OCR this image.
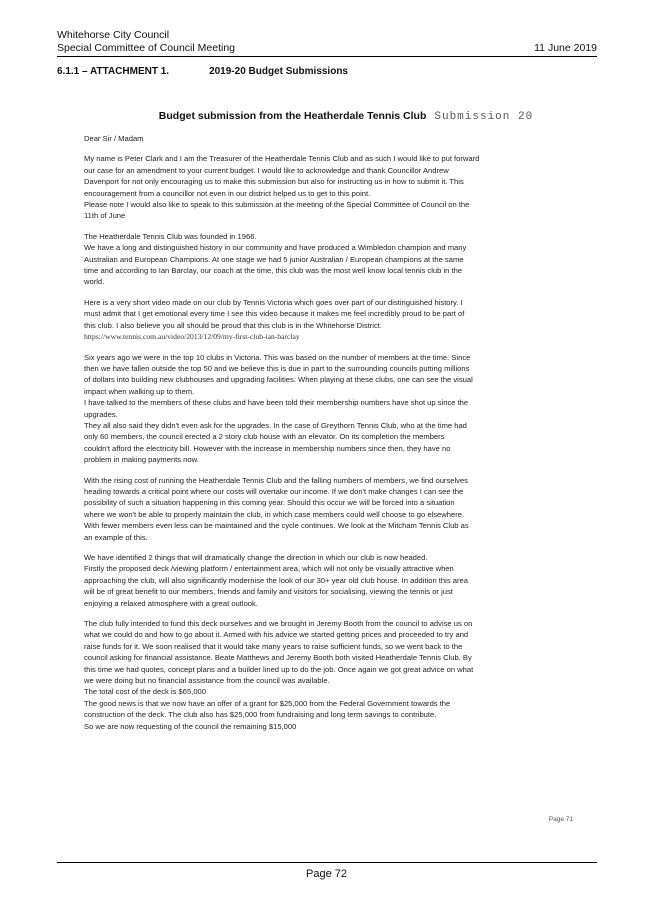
Whitehorse City Council
Special Committee of Council Meeting	11 June 2019
6.1.1 – ATTACHMENT 1.	2019-20 Budget Submissions
Budget submission from the Heatherdale Tennis Club Submission 20

Dear Sir / Madam

My name is Peter Clark and I am the Treasurer of the Heatherdale Tennis Club and as such I would like to put forward
our case for an amendment to your current budget. I would like to acknowledge and thank Councillor Andrew
Davenport for not only encouraging us to make this submission but also for instructing us in how to submit it. This
encouragement from a councillor not even in our district helped us to get to this point.
Please note I would also like to speak to this submission at the meeting of the Special Committee of Council on the
11th of June

The Heatherdale Tennis Club was founded in 1966.
We have a long and distinguished history in our community and have produced a Wimbledon champion and many
Australian and European Champions. At one stage we had 5 junior Australian / European champions at the same
time and according to Ian Barclay, our coach at the time, this club was the most well know local tennis club in the
world.

Here is a very short video made on our club by Tennis Victoria which goes over part of our distinguished history. I
must admit that I get emotional every time I see this video because it makes me feel incredibly proud to be part of
this club. I also believe you all should be proud that this club is in the Whitehorse District.
https://www.tennis.com.au/video/2013/12/09/my-first-club-ian-barclay

Six years ago we were in the top 10 clubs in Victoria. This was based on the number of members at the time. Since
then we have fallen outside the top 50 and we believe this is due in part to the surrounding councils putting millions
of dollars into building new clubhouses and upgrading facilities. When playing at these clubs, one can see the visual
impact when walking up to them.
I have talked to the members of these clubs and have been told their membership numbers have shot up since the
upgrades.
They all also said they didn't even ask for the upgrades. In the case of Greythorn Tennis Club, who at the time had
only 60 members, the council erected a 2 story club house with an elevator. On its completion the members
couldn't afford the electricity bill. However with the increase in membership numbers since then, they have no
problem in making payments now.

With the rising cost of running the Heatherdale Tennis Club and the falling numbers of members, we find ourselves
heading towards a critical point where our costs will overtake our income. If we don't make changes I can see the
possibility of such a situation happening in this coming year. Should this occur we will be forced into a situation
where we won't be able to properly maintain the club, in which case members could well choose to go elsewhere.
With fewer members even less can be maintained and the cycle continues. We look at the Mitcham Tennis Club as
an example of this.

We have identified 2 things that will dramatically change the direction in which our club is now headed.
Firstly the proposed deck /viewing platform / entertainment area, which will not only be visually attractive when
approaching the club, will also significantly modernise the look of our 30+ year old club house. In addition this area
will be of great benefit to our members, friends and family and visitors for socialising, viewing the tennis or just
enjoying a relaxed atmosphere with a great outlook.

The club fully intended to fund this deck ourselves and we brought in Jeremy Booth from the council to advise us on
what we could do and how to go about it. Armed with his advice we started getting prices and proceeded to try and
raise funds for it. We soon realised that it would take many years to raise sufficient funds, so we went back to the
council asking for financial assistance. Beate Matthews and Jeremy Booth both visited Heatherdale Tennis Club. By
this time we had quotes, concept plans and a builder lined up to do the job. Once again we got great advice on what
we were doing but no financial assistance from the council was available.
The total cost of the deck is $65,000
The good news is that we now have an offer of a grant for $25,000 from the Federal Government towards the
construction of the deck. The club also has $25,000 from fundraising and long term savings to contribute.
So we are now requesting of the council the remaining $15,000

Page 71
Page 72
